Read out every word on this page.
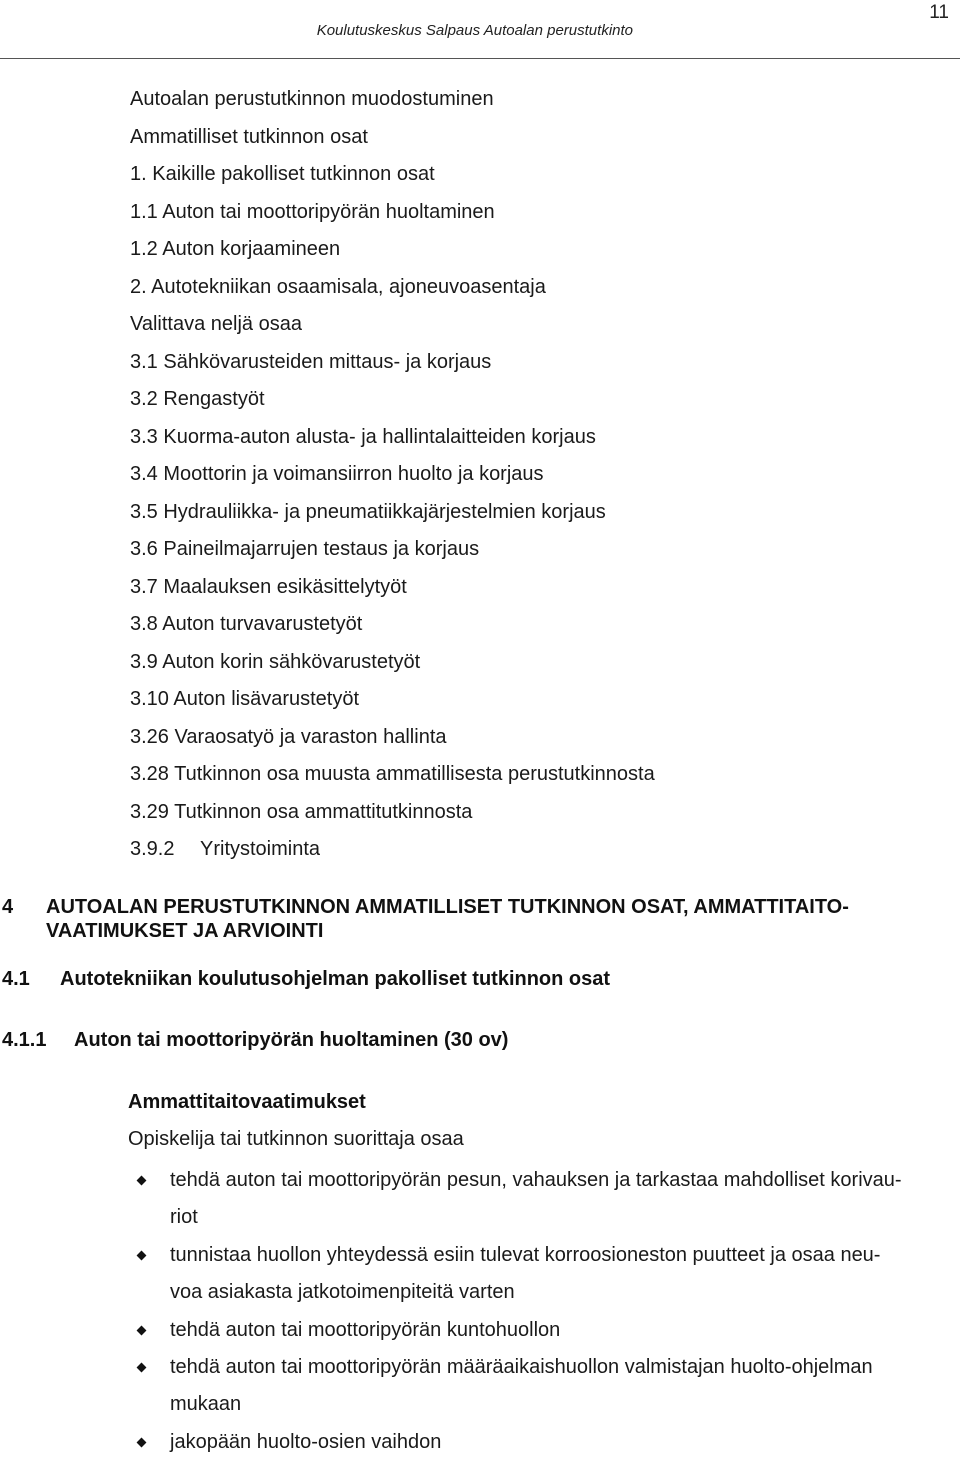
Koulutuskeskus Salpaus Autoalan perustutkinto
11
Autoalan perustutkinnon muodostuminen
Ammatilliset tutkinnon osat
1. Kaikille pakolliset tutkinnon osat
1.1 Auton tai moottoripyörän huoltaminen
1.2 Auton korjaamineen
2. Autotekniikan osaamisala, ajoneuvoasentaja
Valittava neljä osaa
3.1 Sähkövarusteiden mittaus- ja korjaus
3.2 Rengastyöt
3.3 Kuorma-auton alusta- ja hallintalaitteiden korjaus
3.4 Moottorin ja voimansiirron huolto ja korjaus
3.5 Hydrauliikka- ja pneumatiikkajärjestelmien korjaus
3.6 Paineilmajarrujen testaus ja korjaus
3.7 Maalauksen esikäsittelytyöt
3.8 Auton turvavarustetyöt
3.9 Auton korin sähkövarustetyöt
3.10 Auton lisävarustetyöt
3.26 Varaosatyö ja varaston hallinta
3.28 Tutkinnon osa muusta ammatillisesta perustutkinnosta
3.29 Tutkinnon osa ammattitutkinnosta
3.9.2 Yritystoiminta
4 AUTOALAN PERUSTUTKINNON AMMATILLISET TUTKINNON OSAT, AMMATTITAITO-
VAATIMUKSET JA ARVIOINTI
4.1 Autotekniikan koulutusohjelman pakolliset tutkinnon osat
4.1.1 Auton tai moottoripyörän huoltaminen (30 ov)
Ammattitaitovaatimukset
Opiskelija tai tutkinnon suorittaja osaa
tehdä auton tai moottoripyörän pesun, vahauksen ja tarkastaa mahdolliset korivau-
riot
tunnistaa huollon yhteydessä esiin tulevat korroosioneston puutteet ja osaa neu-
voa asiakasta jatkotoimenpiteitä varten
tehdä auton tai moottoripyörän kuntohuollon
tehdä auton tai moottoripyörän määräaikaishuollon valmistajan huolto-ohjelman
mukaan
jakopään huolto-osien vaihdon
